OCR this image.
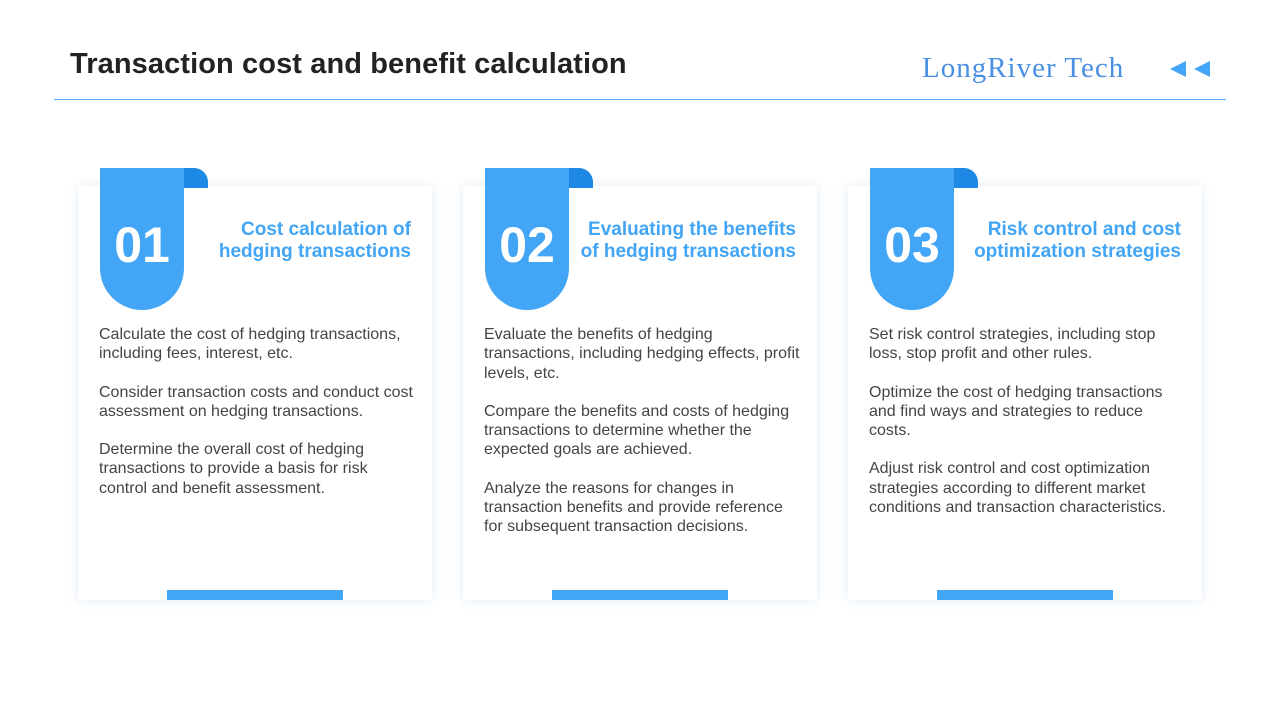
Transaction cost and benefit calculation	LongRiver Tech
01	Cost calculation of hedging transactions

Calculate the cost of hedging transactions, including fees, interest, etc.

Consider transaction costs and conduct cost assessment on hedging transactions.

Determine the overall cost of hedging transactions to provide a basis for risk control and benefit assessment.

02	Evaluating the benefits of hedging transactions

Evaluate the benefits of hedging transactions, including hedging effects, profit levels, etc.

Compare the benefits and costs of hedging transactions to determine whether the expected goals are achieved.

Analyze the reasons for changes in transaction benefits and provide reference for subsequent transaction decisions.

03	Risk control and cost optimization strategies

Set risk control strategies, including stop loss, stop profit and other rules.

Optimize the cost of hedging transactions and find ways and strategies to reduce costs.

Adjust risk control and cost optimization strategies according to different market conditions and transaction characteristics.
